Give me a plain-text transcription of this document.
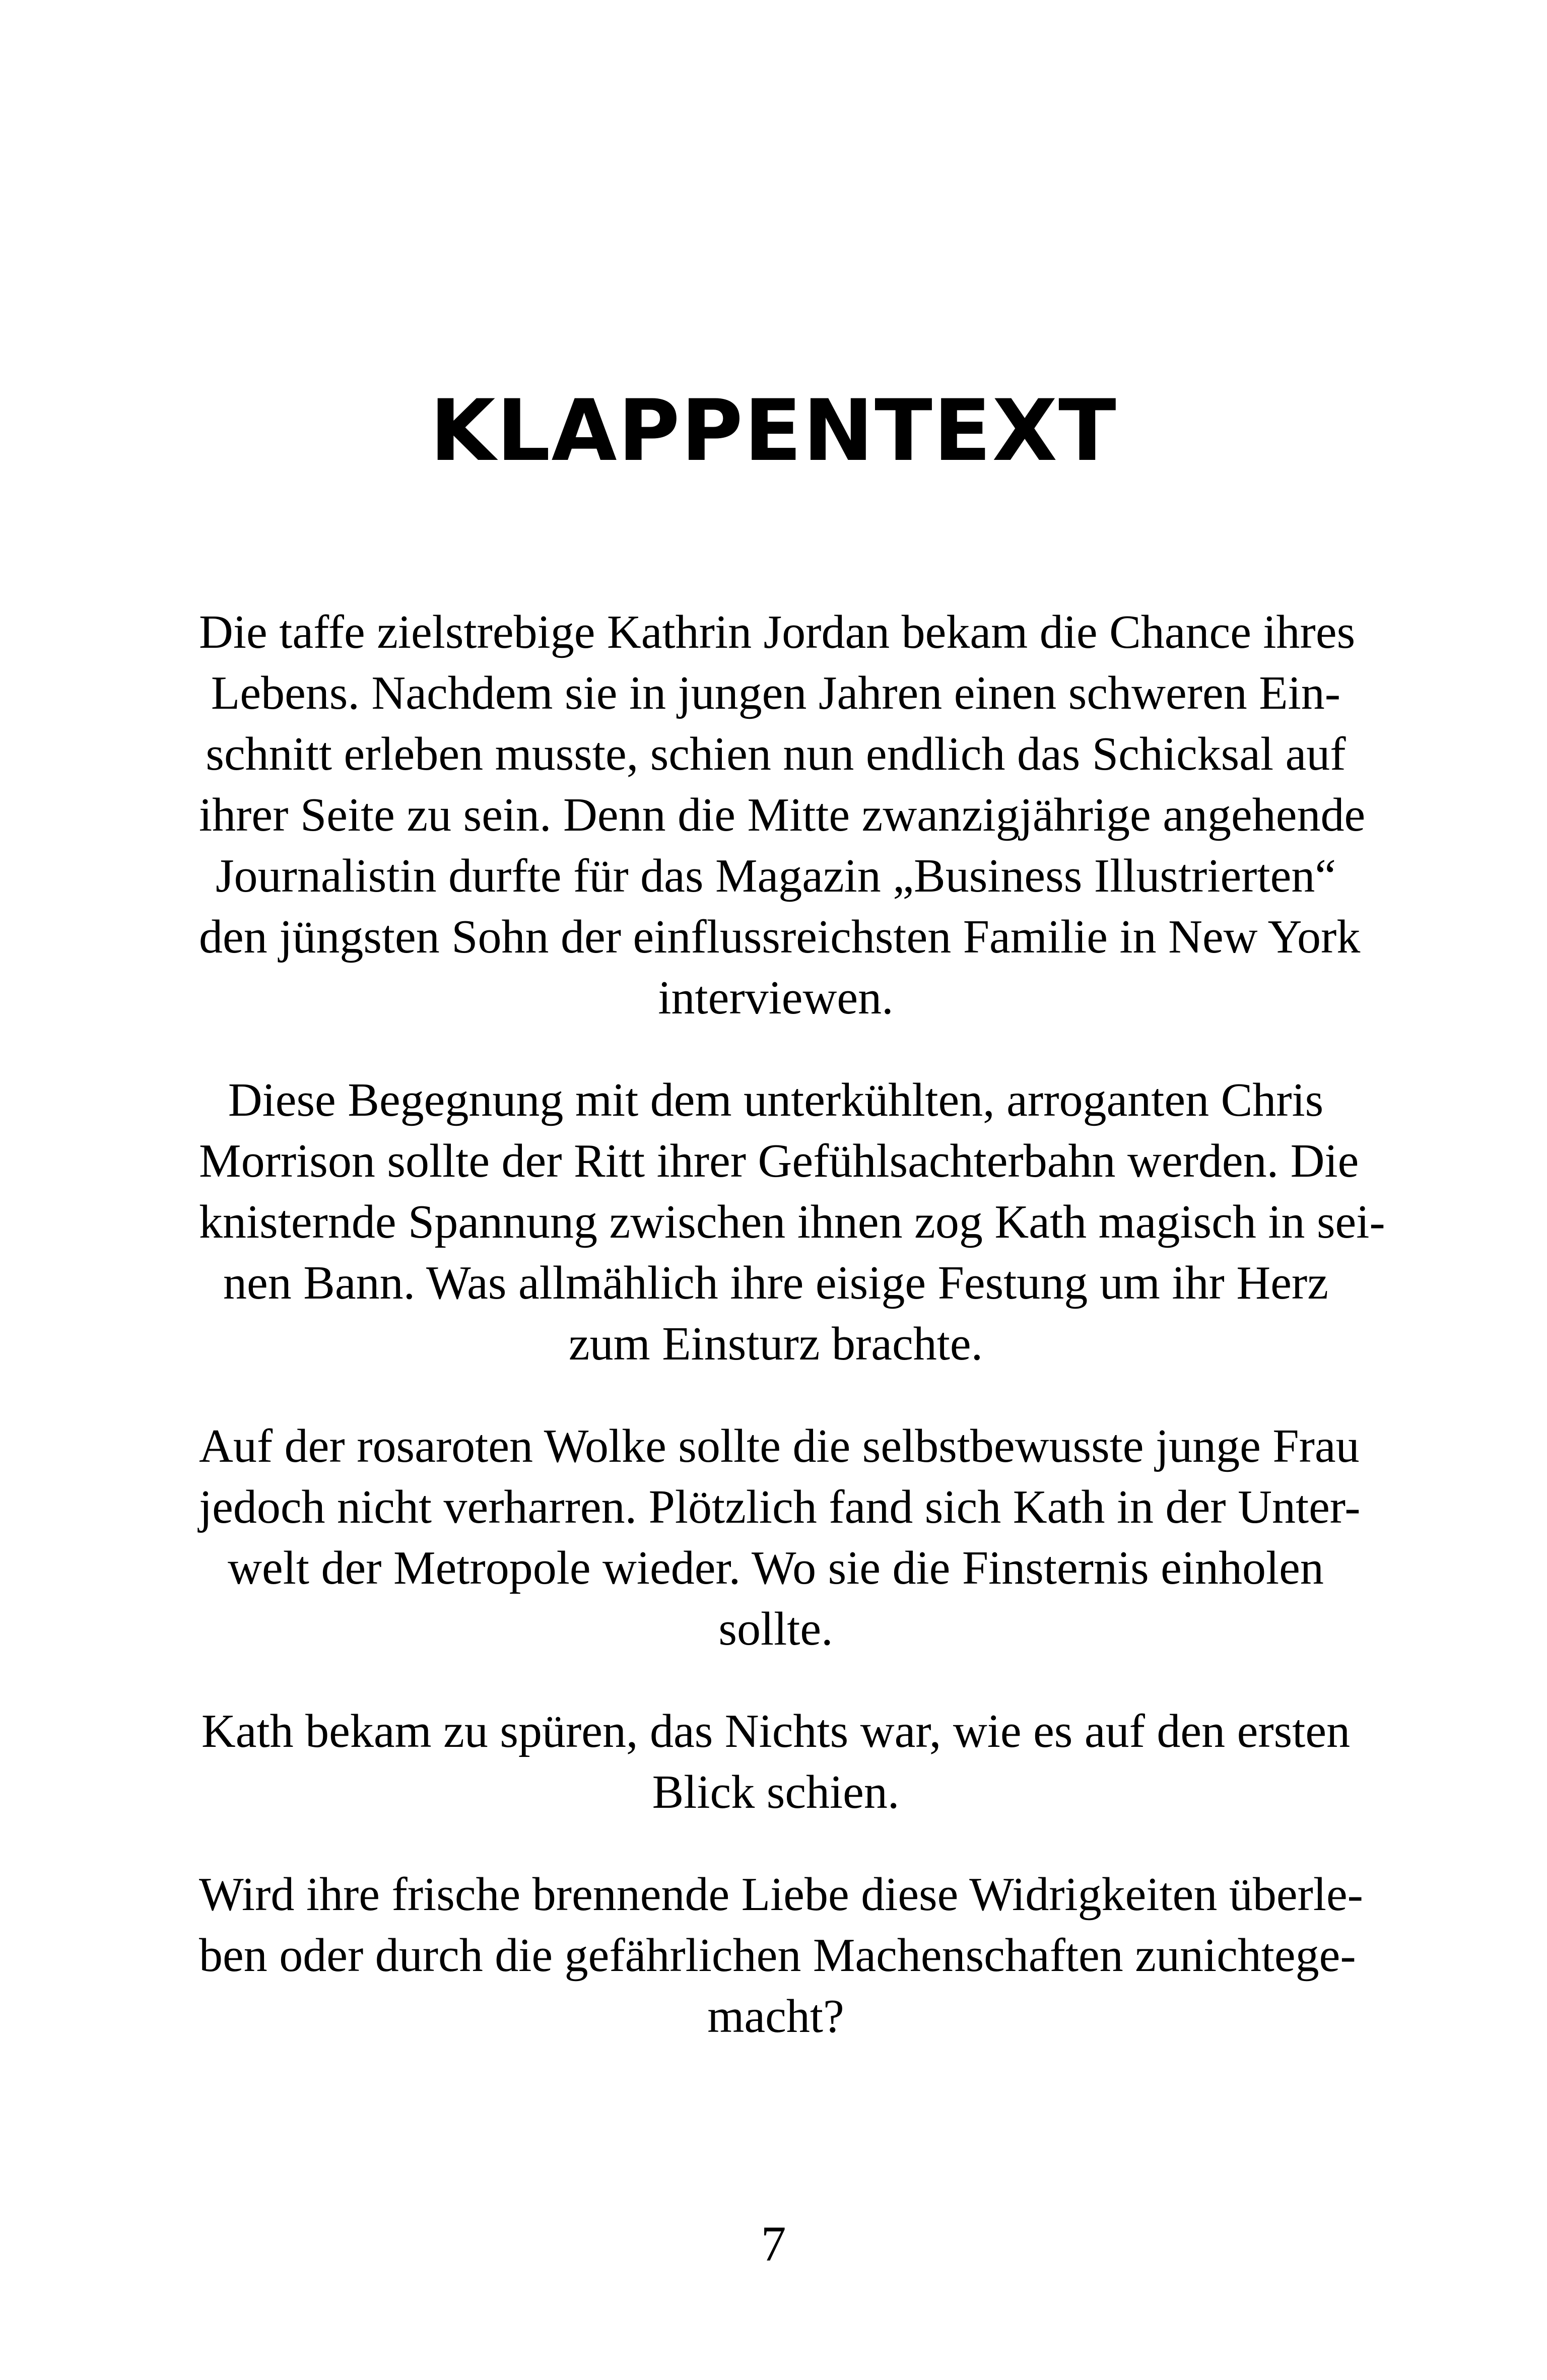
KLAPPENTEXT

Die taffe zielstrebige Kathrin Jordan bekam die Chance ihres
Lebens. Nachdem sie in jungen Jahren einen schweren Ein-
schnitt erleben musste, schien nun endlich das Schicksal auf
ihrer Seite zu sein. Denn die Mitte zwanzigjährige angehende
Journalistin durfte für das Magazin „Business Illustrierten“
den jüngsten Sohn der einflussreichsten Familie in New York
interviewen.

Diese Begegnung mit dem unterkühlten, arroganten Chris
Morrison sollte der Ritt ihrer Gefühlsachterbahn werden. Die
knisternde Spannung zwischen ihnen zog Kath magisch in sei-
nen Bann. Was allmählich ihre eisige Festung um ihr Herz
zum Einsturz brachte.

Auf der rosaroten Wolke sollte die selbstbewusste junge Frau
jedoch nicht verharren. Plötzlich fand sich Kath in der Unter-
welt der Metropole wieder. Wo sie die Finsternis einholen
sollte.

Kath bekam zu spüren, das Nichts war, wie es auf den ersten
Blick schien.

Wird ihre frische brennende Liebe diese Widrigkeiten überle-
ben oder durch die gefährlichen Machenschaften zunichtege-
macht?

7
